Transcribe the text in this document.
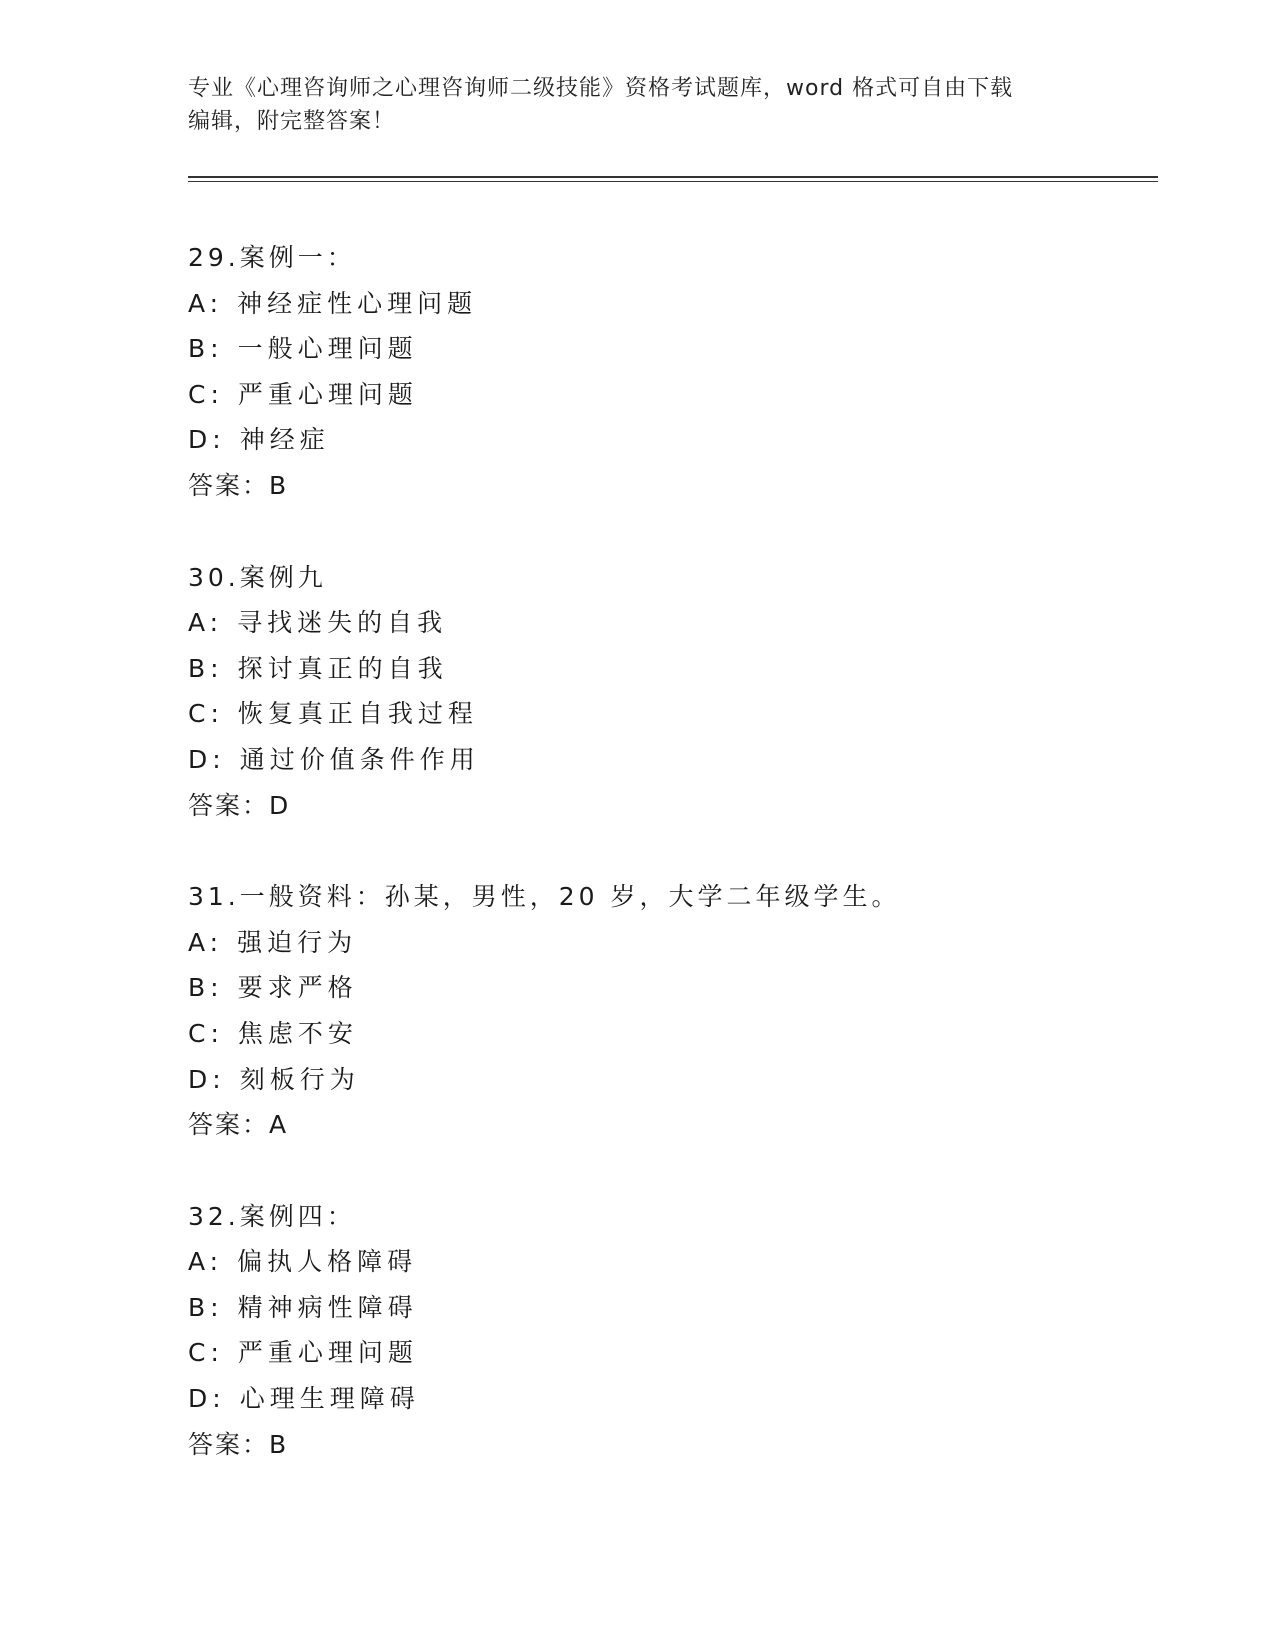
专业《心理咨询师之心理咨询师二级技能》资格考试题库，word 格式可自由下载
编辑，附完整答案！
29.案例一：
A: 神经症性心理问题
B: 一般心理问题
C: 严重心理问题
D: 神经症
答案：B
30.案例九
A: 寻找迷失的自我
B: 探讨真正的自我
C: 恢复真正自我过程
D: 通过价值条件作用
答案：D
31.一般资料：孙某，男性，20 岁，大学二年级学生。
A: 强迫行为
B: 要求严格
C: 焦虑不安
D: 刻板行为
答案：A
32.案例四：
A: 偏执人格障碍
B: 精神病性障碍
C: 严重心理问题
D: 心理生理障碍
答案：B
